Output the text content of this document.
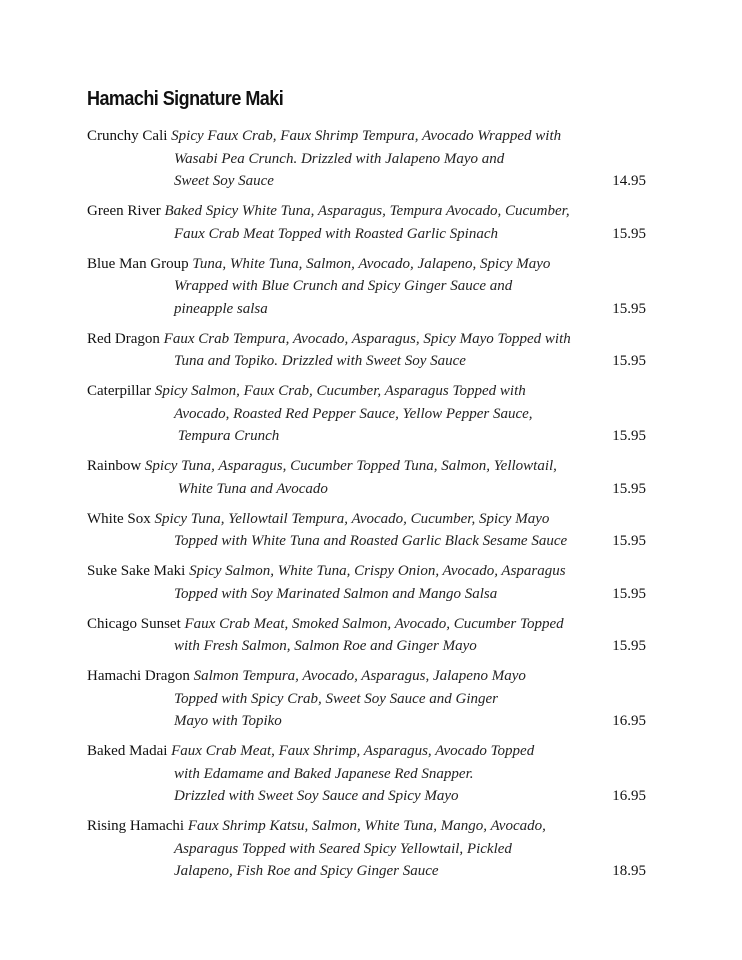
Hamachi Signature Maki
Crunchy Cali Spicy Faux Crab, Faux Shrimp Tempura, Avocado Wrapped with
Wasabi Pea Crunch. Drizzled with Jalapeno Mayo and
Sweet Soy Sauce	14.95
Green River Baked Spicy White Tuna, Asparagus, Tempura Avocado, Cucumber,
Faux Crab Meat Topped with Roasted Garlic Spinach	15.95
Blue Man Group Tuna, White Tuna, Salmon, Avocado, Jalapeno, Spicy Mayo
Wrapped with Blue Crunch and Spicy Ginger Sauce and
pineapple salsa	15.95
Red Dragon Faux Crab Tempura, Avocado, Asparagus, Spicy Mayo Topped with
Tuna and Topiko. Drizzled with Sweet Soy Sauce	15.95
Caterpillar Spicy Salmon, Faux Crab, Cucumber, Asparagus Topped with
Avocado, Roasted Red Pepper Sauce, Yellow Pepper Sauce,
Tempura Crunch	15.95
Rainbow Spicy Tuna, Asparagus, Cucumber Topped Tuna, Salmon, Yellowtail,
White Tuna and Avocado	15.95
White Sox Spicy Tuna, Yellowtail Tempura, Avocado, Cucumber, Spicy Mayo
Topped with White Tuna and Roasted Garlic Black Sesame Sauce	15.95
Suke Sake Maki Spicy Salmon, White Tuna, Crispy Onion, Avocado, Asparagus
Topped with Soy Marinated Salmon and Mango Salsa	15.95
Chicago Sunset Faux Crab Meat, Smoked Salmon, Avocado, Cucumber Topped
with Fresh Salmon, Salmon Roe and Ginger Mayo	15.95
Hamachi Dragon Salmon Tempura, Avocado, Asparagus, Jalapeno Mayo
Topped with Spicy Crab, Sweet Soy Sauce and Ginger
Mayo with Topiko	16.95
Baked Madai Faux Crab Meat, Faux Shrimp, Asparagus, Avocado Topped
with Edamame and Baked Japanese Red Snapper.
Drizzled with Sweet Soy Sauce and Spicy Mayo	16.95
Rising Hamachi Faux Shrimp Katsu, Salmon, White Tuna, Mango, Avocado,
Asparagus Topped with Seared Spicy Yellowtail, Pickled
Jalapeno, Fish Roe and Spicy Ginger Sauce	18.95
